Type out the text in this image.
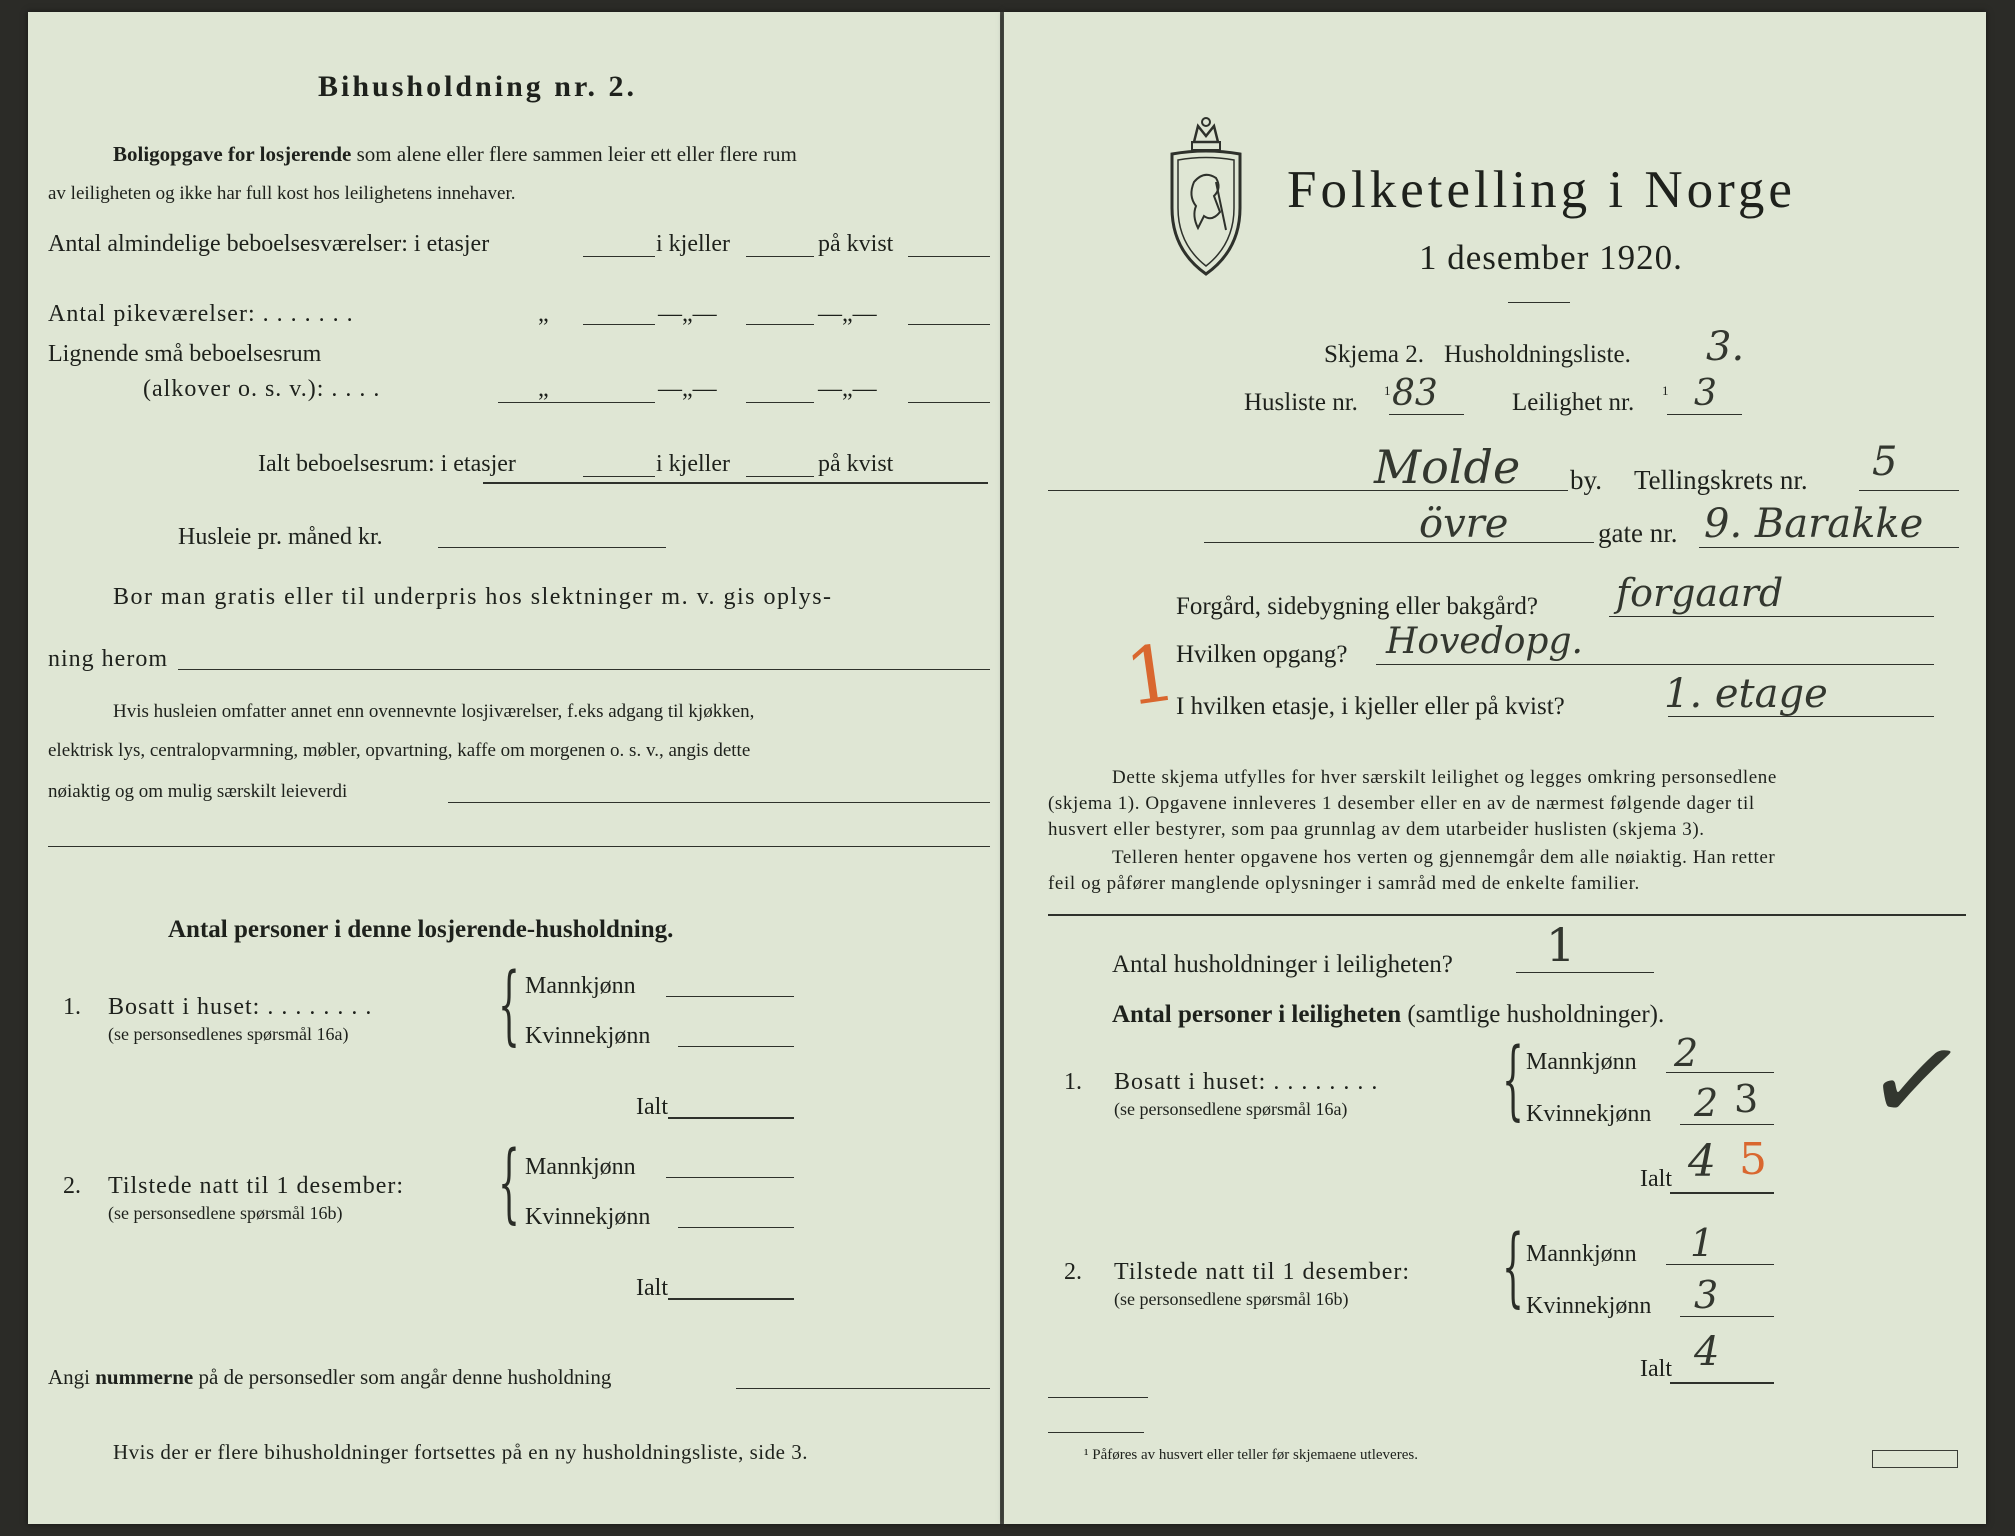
Bihusholdning nr. 2.
Boligopgave for losjerende som alene eller flere sammen leier ett eller flere rum
av leiligheten og ikke har full kost hos leilighetens innehaver.
Antal almindelige beboelsesværelser: i etasjer	i kjeller	på kvist
Antal pikeværelser: . . . . . . .	„	—„—	—„—
Lignende små beboelsesrum
(alkover o. s. v.): . . . .	„	—„—	—„—
Ialt beboelsesrum: i etasjer	i kjeller	på kvist
Husleie pr. måned kr.
Bor man gratis eller til underpris hos slektninger m. v. gis oplys-
ning herom
Hvis husleien omfatter annet enn ovennevnte losjiværelser, f.eks adgang til kjøkken,
elektrisk lys, centralopvarmning, møbler, opvartning, kaffe om morgenen o. s. v., angis dette
nøiaktig og om mulig særskilt leieverdi
Antal personer i denne losjerende-husholdning.
1. Bosatt i huset: . . . . . . . .
(se personsedlenes spørsmål 16a) { Mannkjønn
Kvinnekjønn
Ialt
2. Tilstede natt til 1 desember:
(se personsedlene spørsmål 16b) { Mannkjønn
Kvinnekjønn
Ialt
Angi nummerne på de personsedler som angår denne husholdning
Hvis der er flere bihusholdninger fortsettes på en ny husholdningsliste, side 3.
Folketelling i Norge
1 desember 1920.
Skjema 2. Husholdningsliste. 3.
Husliste nr. 1 83	Leilighet nr. 1 3
Molde by. Tellingskrets nr. 5
övre	gate nr. 9. Barakke
Forgård, sidebygning eller bakgård? forgaard
Hvilken opgang? Hovedopg.
1
I hvilken etasje, i kjeller eller på kvist? 1. etage
Dette skjema utfylles for hver særskilt leilighet og legges omkring personsedlene
(skjema 1). Opgavene innleveres 1 desember eller en av de nærmest følgende dager til
husvert eller bestyrer, som paa grunnlag av dem utarbeider huslisten (skjema 3).
Telleren henter opgavene hos verten og gjennemgår dem alle nøiaktig. Han retter
feil og påfører manglende oplysninger i samråd med de enkelte familier.
Antal husholdninger i leiligheten? 1
Antal personer i leiligheten (samtlige husholdninger).
1. Bosatt i huset: . . . . . . . .
(se personsedlene spørsmål 16a) { Mannkjønn 2
Kvinnekjønn 2 3
Ialt 4 5
✓
2. Tilstede natt til 1 desember:
(se personsedlene spørsmål 16b) { Mannkjønn 1
Kvinnekjønn 3
Ialt 4
¹ Påføres av husvert eller teller før skjemaene utleveres.
